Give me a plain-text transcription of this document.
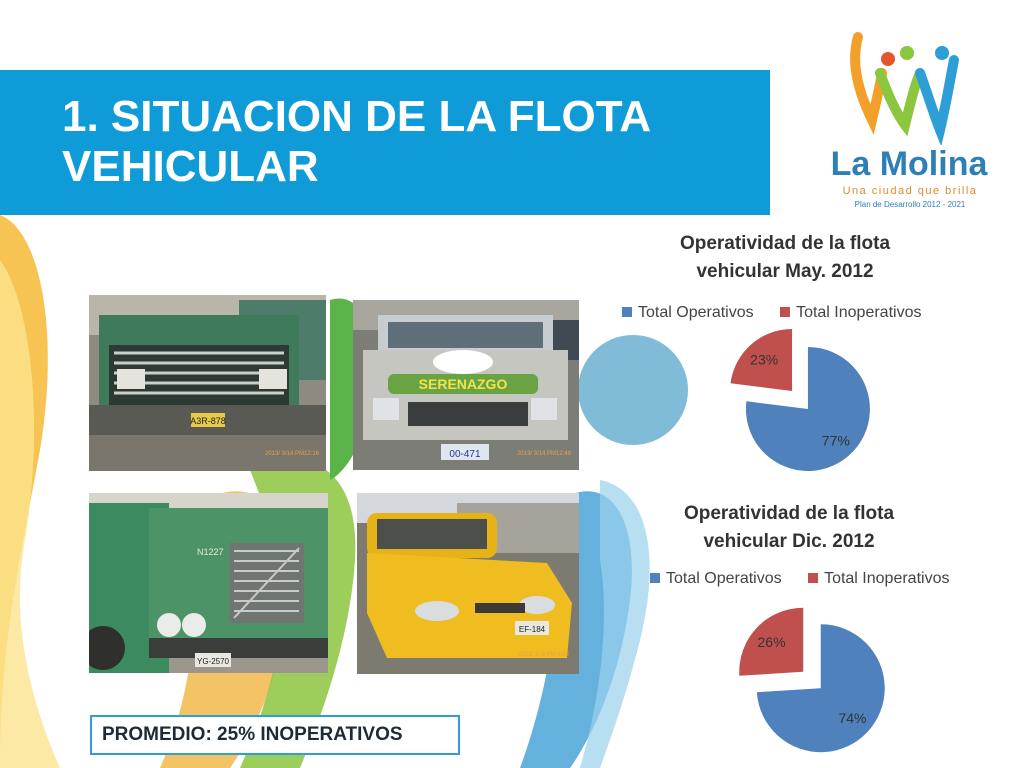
1. SITUACION DE LA FLOTA VEHICULAR	La Molina
Una ciudad que brilla
Plan de Desarrollo 2012 - 2021
A3R-878
2013/ 3/14 PM12:16
SERENAZGO
00-471	2013/ 3/14 PM12:49
N1227
YG-2570
EF-184
2013/ 3/ 8 PM 6:02
Operatividad de la flota vehicular May. 2012
Total Operativos	Total Inoperativos
77%
23%
Operatividad de la flota vehicular Dic. 2012
Total Operativos	Total Inoperativos
74%
26%
PROMEDIO: 25% INOPERATIVOS
